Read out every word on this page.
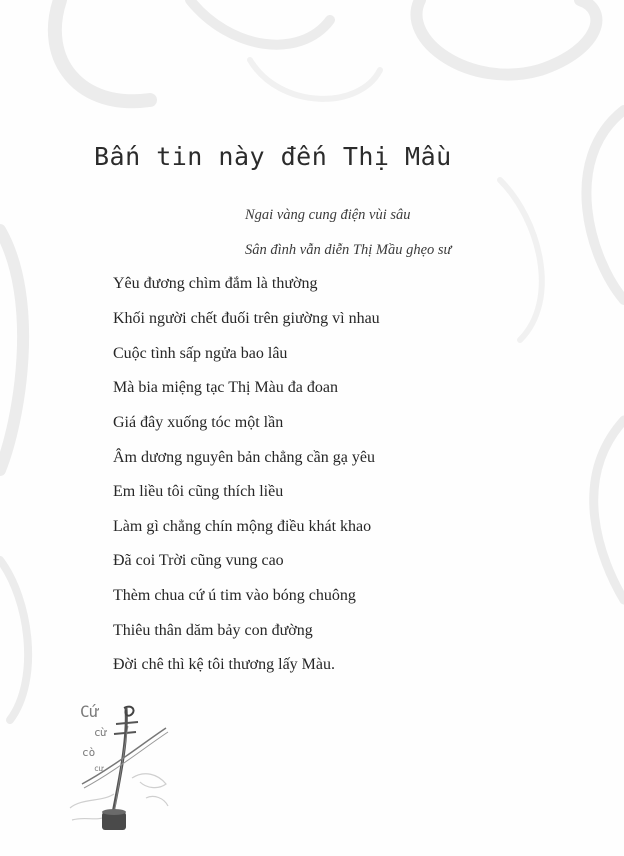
Bấn tin này đến Thị Mầu
Ngai vàng cung điện vùi sâu
Sân đình vẫn diễn Thị Mầu ghẹo sư
Yêu đương chìm đắm là thường
Khối người chết đuối trên giường vì nhau
Cuộc tình sấp ngửa bao lâu
Mà bia miệng tạc Thị Màu đa đoan
Giá đây xuống tóc một lần
Âm dương nguyên bản chẳng cần gạ yêu
Em liều tôi cũng thích liều
Làm gì chẳng chín mộng điều khát khao
Đã coi Trời cũng vung cao
Thèm chua cứ ú tim vào bóng chuông
Thiêu thân dăm bảy con đường
Đời chê thì kệ tôi thương lấy Màu.
Cứ
cừ
cò
cư
